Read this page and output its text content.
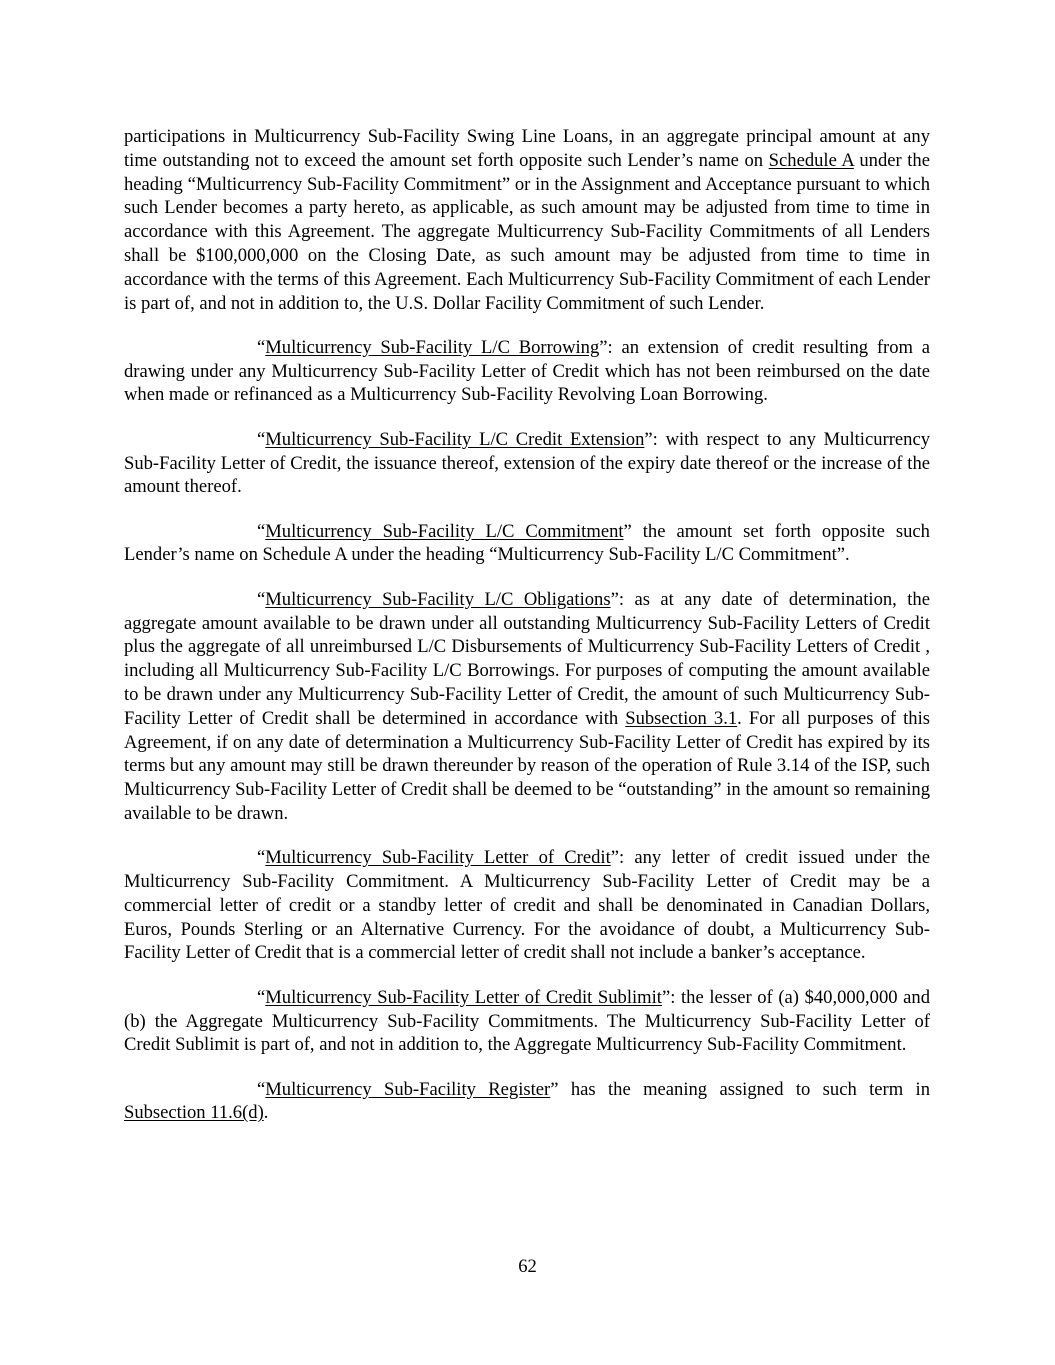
participations in Multicurrency Sub-Facility Swing Line Loans, in an aggregate principal amount at any time outstanding not to exceed the amount set forth opposite such Lender’s name on Schedule A under the heading “Multicurrency Sub-Facility Commitment” or in the Assignment and Acceptance pursuant to which such Lender becomes a party hereto, as applicable, as such amount may be adjusted from time to time in accordance with this Agreement. The aggregate Multicurrency Sub-Facility Commitments of all Lenders shall be $100,000,000 on the Closing Date, as such amount may be adjusted from time to time in accordance with the terms of this Agreement. Each Multicurrency Sub-Facility Commitment of each Lender is part of, and not in addition to, the U.S. Dollar Facility Commitment of such Lender.

“Multicurrency Sub-Facility L/C Borrowing”: an extension of credit resulting from a drawing under any Multicurrency Sub-Facility Letter of Credit which has not been reimbursed on the date when made or refinanced as a Multicurrency Sub-Facility Revolving Loan Borrowing.

“Multicurrency Sub-Facility L/C Credit Extension”: with respect to any Multicurrency Sub-Facility Letter of Credit, the issuance thereof, extension of the expiry date thereof or the increase of the amount thereof.

“Multicurrency Sub-Facility L/C Commitment” the amount set forth opposite such Lender’s name on Schedule A under the heading “Multicurrency Sub-Facility L/C Commitment”.

“Multicurrency Sub-Facility L/C Obligations”: as at any date of determination, the aggregate amount available to be drawn under all outstanding Multicurrency Sub-Facility Letters of Credit plus the aggregate of all unreimbursed L/C Disbursements of Multicurrency Sub-Facility Letters of Credit , including all Multicurrency Sub-Facility L/C Borrowings. For purposes of computing the amount available to be drawn under any Multicurrency Sub-Facility Letter of Credit, the amount of such Multicurrency Sub-Facility Letter of Credit shall be determined in accordance with Subsection 3.1. For all purposes of this Agreement, if on any date of determination a Multicurrency Sub-Facility Letter of Credit has expired by its terms but any amount may still be drawn thereunder by reason of the operation of Rule 3.14 of the ISP, such Multicurrency Sub-Facility Letter of Credit shall be deemed to be “outstanding” in the amount so remaining available to be drawn.

“Multicurrency Sub-Facility Letter of Credit”: any letter of credit issued under the Multicurrency Sub-Facility Commitment. A Multicurrency Sub-Facility Letter of Credit may be a commercial letter of credit or a standby letter of credit and shall be denominated in Canadian Dollars, Euros, Pounds Sterling or an Alternative Currency. For the avoidance of doubt, a Multicurrency Sub-Facility Letter of Credit that is a commercial letter of credit shall not include a banker’s acceptance.

“Multicurrency Sub-Facility Letter of Credit Sublimit”: the lesser of (a) $40,000,000 and (b) the Aggregate Multicurrency Sub-Facility Commitments. The Multicurrency Sub-Facility Letter of Credit Sublimit is part of, and not in addition to, the Aggregate Multicurrency Sub-Facility Commitment.

“Multicurrency Sub-Facility Register” has the meaning assigned to such term in Subsection 11.6(d).

62
